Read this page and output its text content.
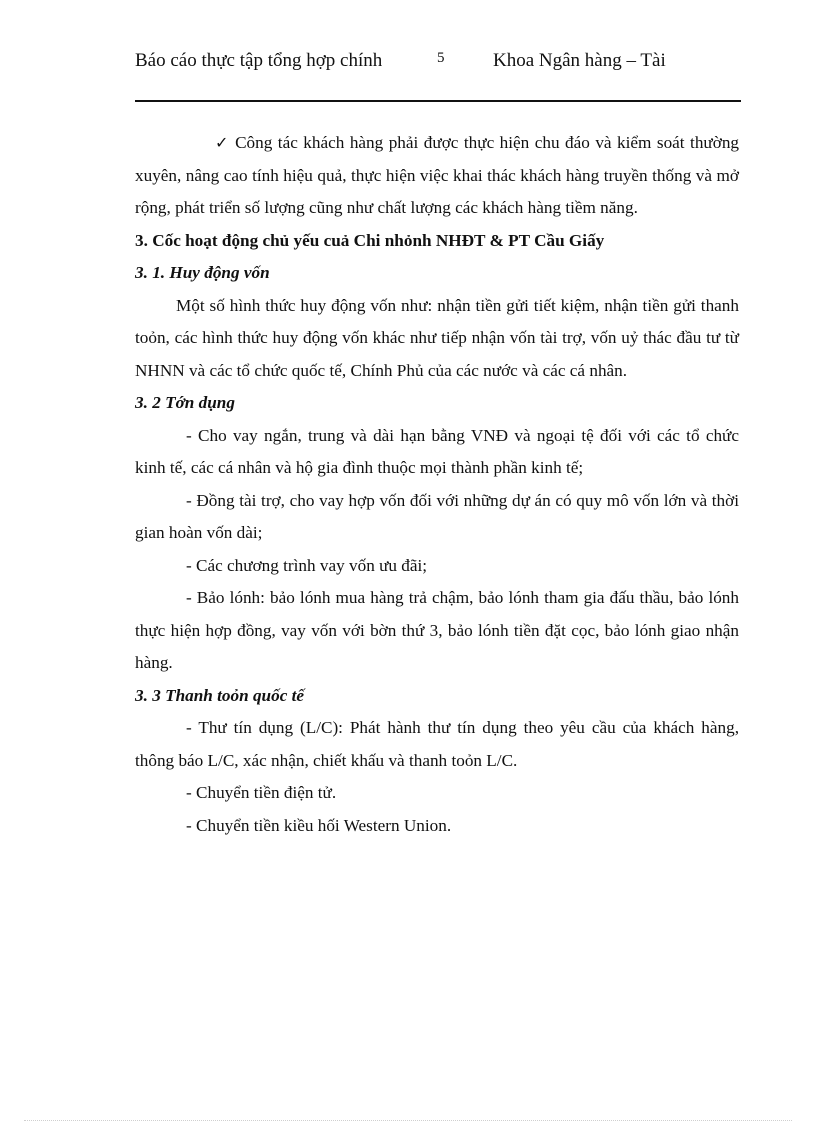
Báo cáo thực tập tổng hợp chính	5	Khoa Ngân hàng – Tài

✓ Công tác khách hàng phải được thực hiện chu đáo và kiểm soát thường xuyên, nâng cao tính hiệu quả, thực hiện việc khai thác khách hàng truyền thống và mở rộng, phát triển số lượng cũng như chất lượng các khách hàng tiềm năng.

3. Cốc hoạt động chủ yếu cuả Chi nhỏnh NHĐT & PT Cầu Giấy

3. 1. Huy động vốn

Một số hình thức huy động vốn như: nhận tiền gửi tiết kiệm, nhận tiền gửi thanh toỏn, các hình thức huy động vốn khác như tiếp nhận vốn tài trợ, vốn uỷ thác đầu tư từ NHNN và các tổ chức quốc tế, Chính Phủ của các nước và các cá nhân.

3. 2 Tớn dụng

- Cho vay ngắn, trung và dài hạn bằng VNĐ và ngoại tệ đối với các tổ chức kinh tế, các cá nhân và hộ gia đình thuộc mọi thành phần kinh tế;

- Đồng tài trợ, cho vay hợp vốn đối với những dự án có quy mô vốn lớn và thời gian hoàn vốn dài;

- Các chương trình vay vốn ưu đãi;

- Bảo lónh: bảo lónh mua hàng trả chậm, bảo lónh tham gia đấu thầu, bảo lónh thực hiện hợp đồng, vay vốn với bờn thứ 3, bảo lónh tiền đặt cọc, bảo lónh giao nhận hàng.

3. 3 Thanh toỏn quốc tế

- Thư tín dụng (L/C): Phát hành thư tín dụng theo yêu cầu của khách hàng, thông báo L/C, xác nhận, chiết khấu và thanh toỏn L/C.

- Chuyển tiền điện tử.

- Chuyển tiền kiều hối Western Union.
